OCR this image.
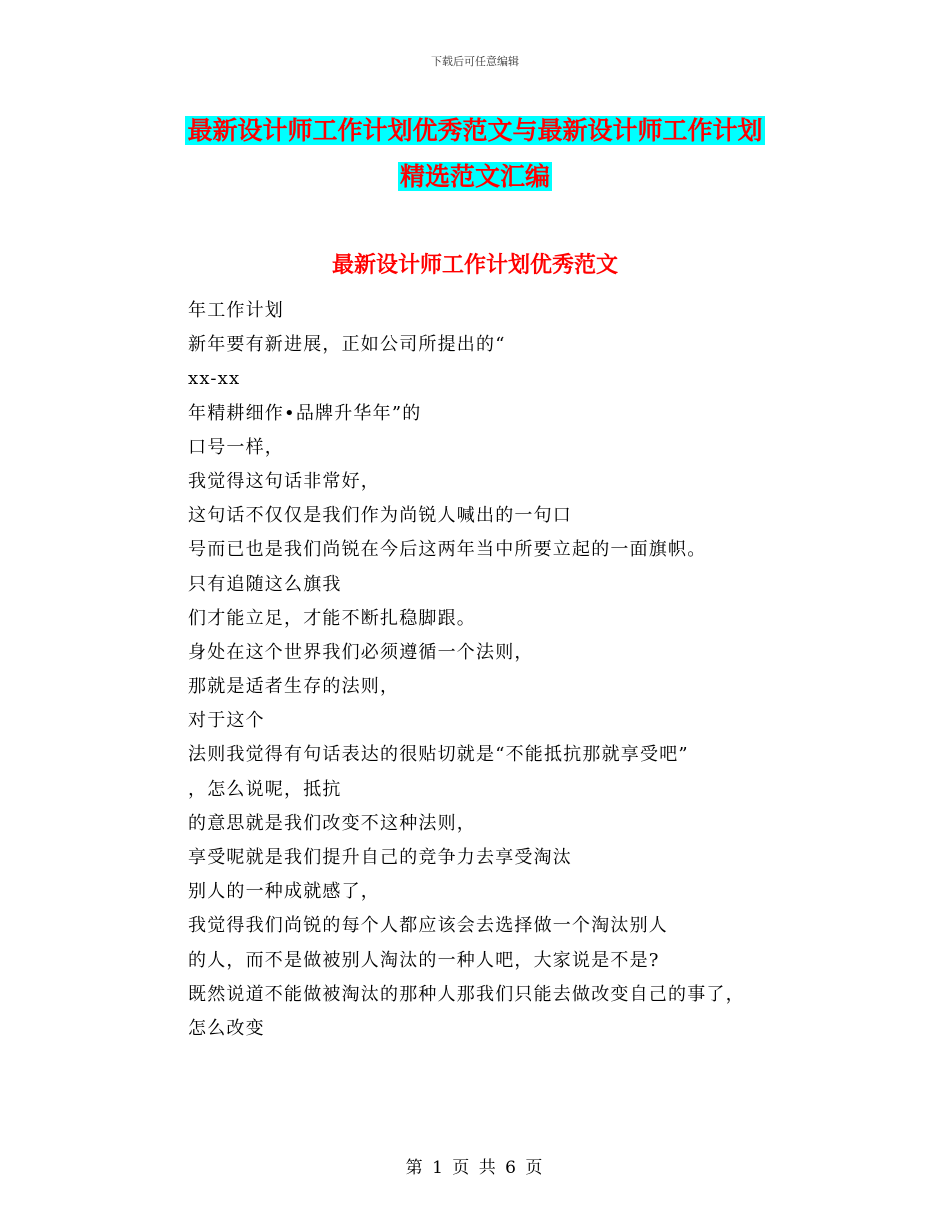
下载后可任意编辑
最新设计师工作计划优秀范文与最新设计师工作计划
精选范文汇编
最新设计师工作计划优秀范文
年工作计划
新年要有新进展，正如公司所提出的“
xx-xx
年精耕细作•品牌升华年”的
口号一样，
我觉得这句话非常好，
这句话不仅仅是我们作为尚锐人喊出的一句口
号而已也是我们尚锐在今后这两年当中所要立起的一面旗帜。
只有追随这么旗我
们才能立足，才能不断扎稳脚跟。
身处在这个世界我们必须遵循一个法则，
那就是适者生存的法则，
对于这个
法则我觉得有句话表达的很贴切就是“不能抵抗那就享受吧”
，怎么说呢，抵抗
的意思就是我们改变不这种法则，
享受呢就是我们提升自己的竞争力去享受淘汰
别人的一种成就感了，
我觉得我们尚锐的每个人都应该会去选择做一个淘汰别人
的人，而不是做被别人淘汰的一种人吧，大家说是不是?
既然说道不能做被淘汰的那种人那我们只能去做改变自己的事了，
怎么改变
第 1 页 共 6 页
